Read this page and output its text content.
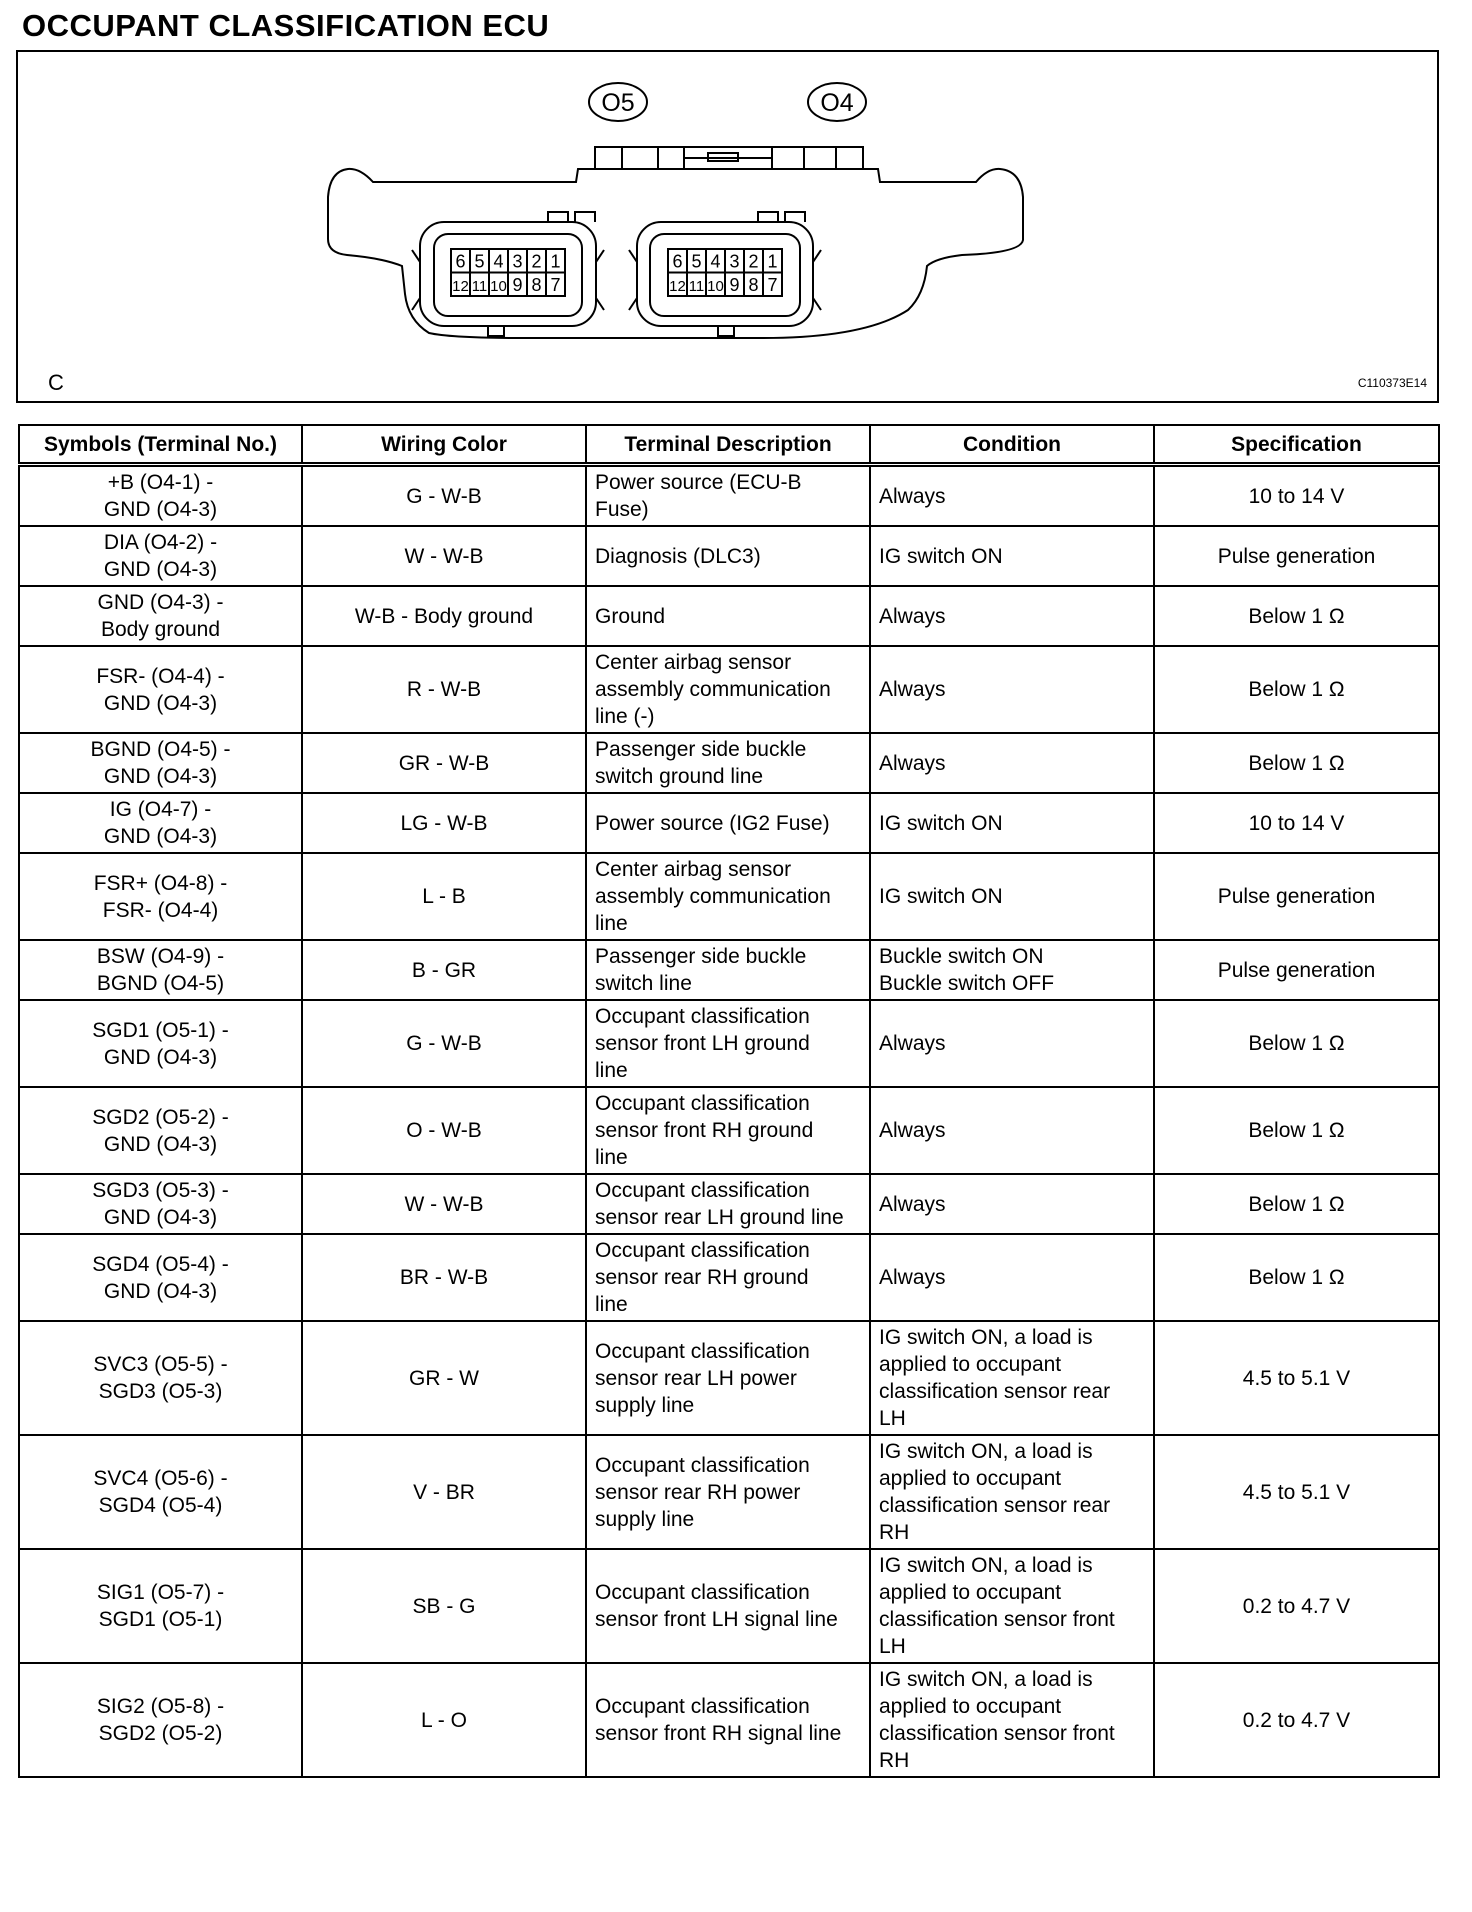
OCCUPANT CLASSIFICATION ECU
O5	O4
6 5 4 3 2 1
12 11 10 9 8 7
6 5 4 3 2 1
12 11 10 9 8 7
C	C110373E14
Symbols (Terminal No.)	Wiring Color	Terminal Description	Condition	Specification
+B (O4-1) -
GND (O4-3)	G - W-B	Power source (ECU-B
Fuse)	Always	10 to 14 V
DIA (O4-2) -
GND (O4-3)	W - W-B	Diagnosis (DLC3)	IG switch ON	Pulse generation
GND (O4-3) -
Body ground	W-B - Body ground	Ground	Always	Below 1 Ω
FSR- (O4-4) -
GND (O4-3)	R - W-B	Center airbag sensor
assembly communication
line (-)	Always	Below 1 Ω
BGND (O4-5) -
GND (O4-3)	GR - W-B	Passenger side buckle
switch ground line	Always	Below 1 Ω
IG (O4-7) -
GND (O4-3)	LG - W-B	Power source (IG2 Fuse)	IG switch ON	10 to 14 V
FSR+ (O4-8) -
FSR- (O4-4)	L - B	Center airbag sensor
assembly communication
line	IG switch ON	Pulse generation
BSW (O4-9) -
BGND (O4-5)	B - GR	Passenger side buckle
switch line	Buckle switch ON
Buckle switch OFF	Pulse generation
SGD1 (O5-1) -
GND (O4-3)	G - W-B	Occupant classification
sensor front LH ground
line	Always	Below 1 Ω
SGD2 (O5-2) -
GND (O4-3)	O - W-B	Occupant classification
sensor front RH ground
line	Always	Below 1 Ω
SGD3 (O5-3) -
GND (O4-3)	W - W-B	Occupant classification
sensor rear LH ground line	Always	Below 1 Ω
SGD4 (O5-4) -
GND (O4-3)	BR - W-B	Occupant classification
sensor rear RH ground
line	Always	Below 1 Ω
SVC3 (O5-5) -
SGD3 (O5-3)	GR - W	Occupant classification
sensor rear LH power
supply line	IG switch ON, a load is
applied to occupant
classification sensor rear
LH	4.5 to 5.1 V
SVC4 (O5-6) -
SGD4 (O5-4)	V - BR	Occupant classification
sensor rear RH power
supply line	IG switch ON, a load is
applied to occupant
classification sensor rear
RH	4.5 to 5.1 V
SIG1 (O5-7) -
SGD1 (O5-1)	SB - G	Occupant classification
sensor front LH signal line	IG switch ON, a load is
applied to occupant
classification sensor front
LH	0.2 to 4.7 V
SIG2 (O5-8) -
SGD2 (O5-2)	L - O	Occupant classification
sensor front RH signal line	IG switch ON, a load is
applied to occupant
classification sensor front
RH	0.2 to 4.7 V
